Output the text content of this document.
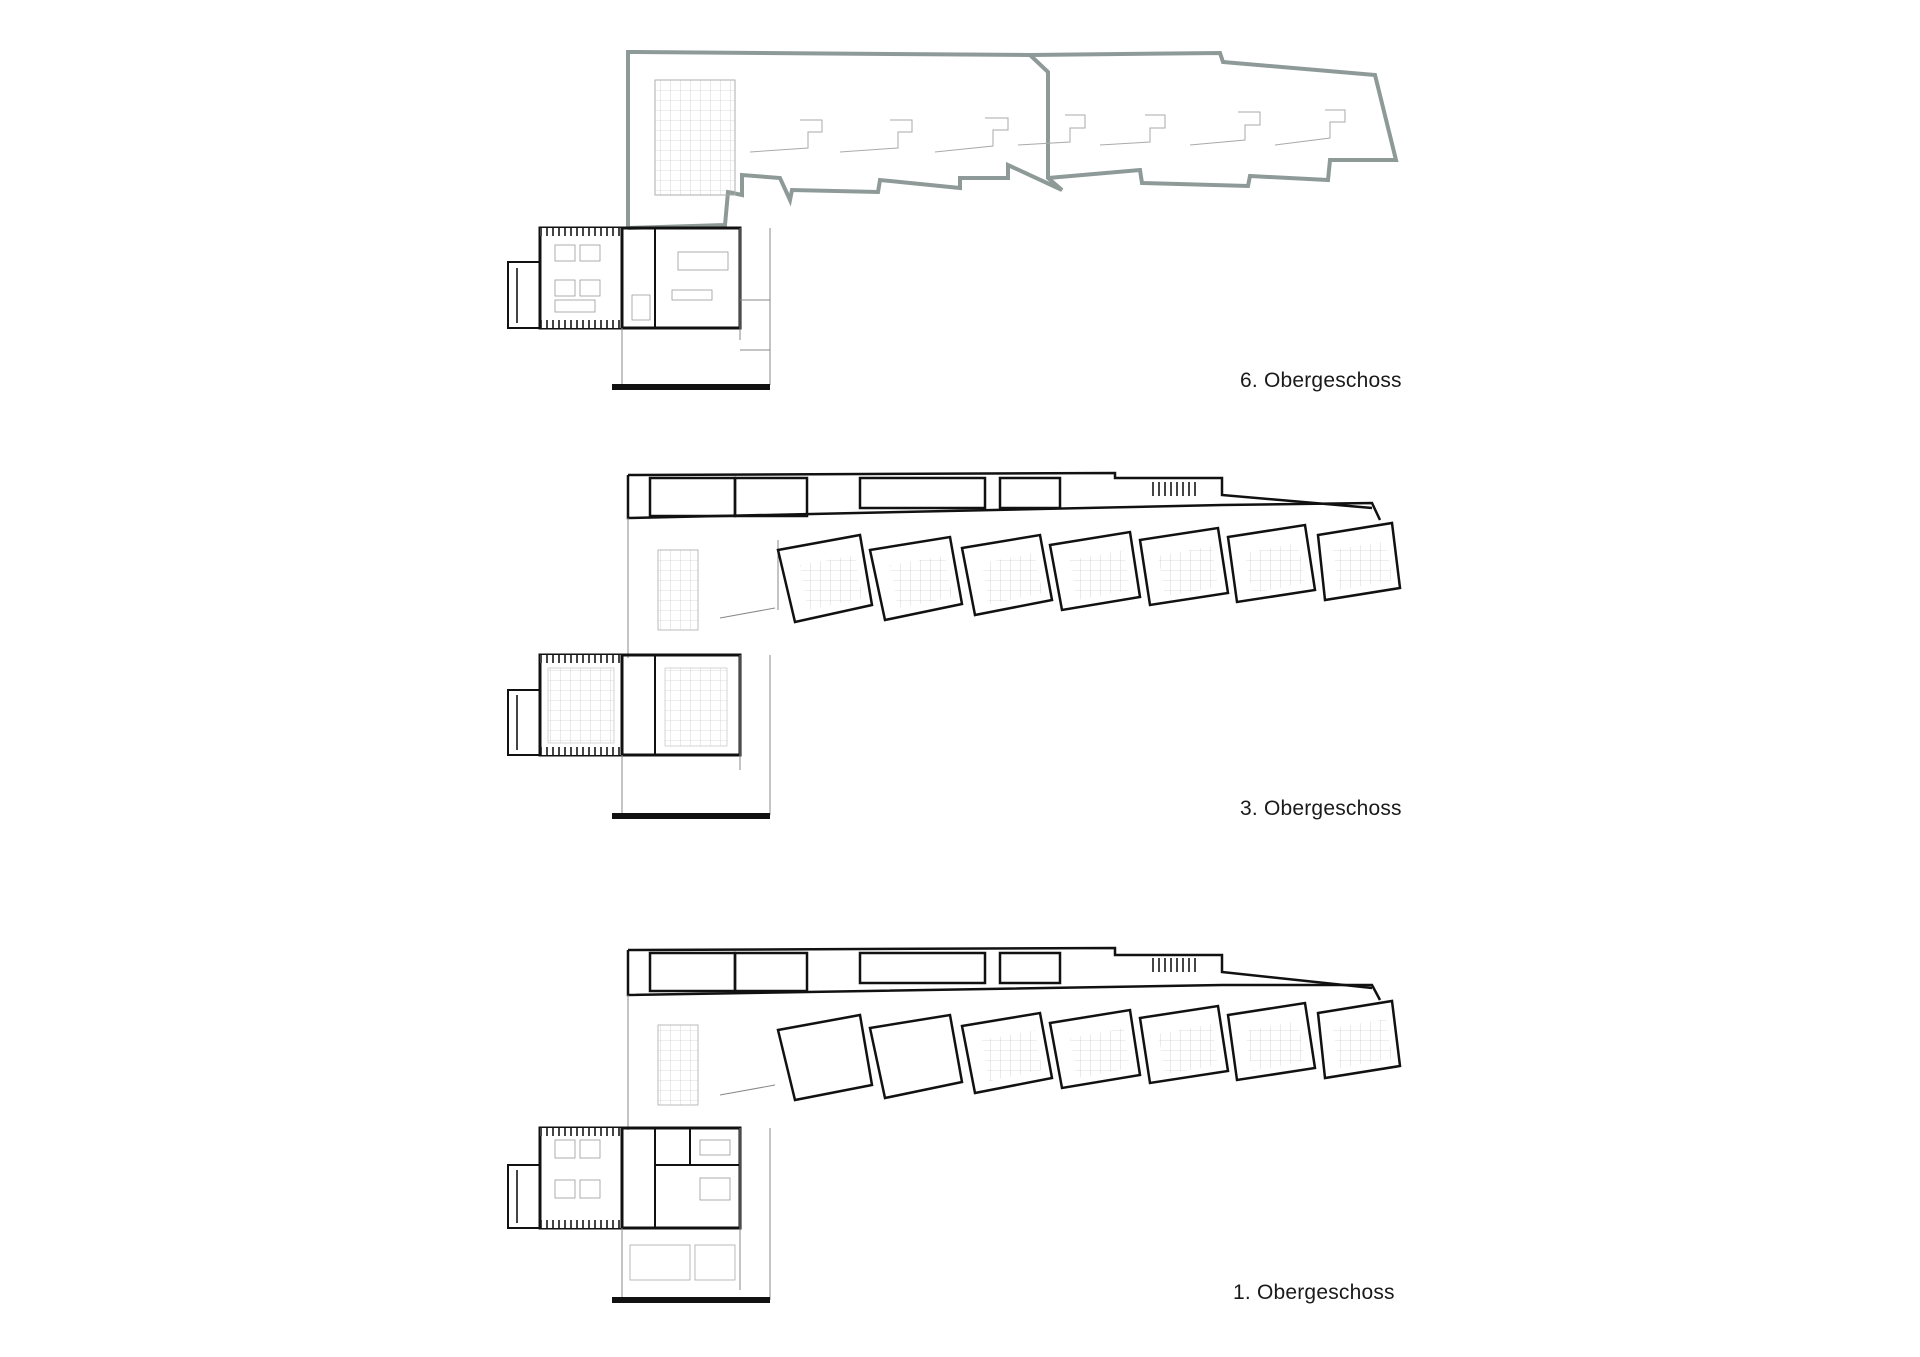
6. Obergeschoss
3. Obergeschoss
1. Obergeschoss
